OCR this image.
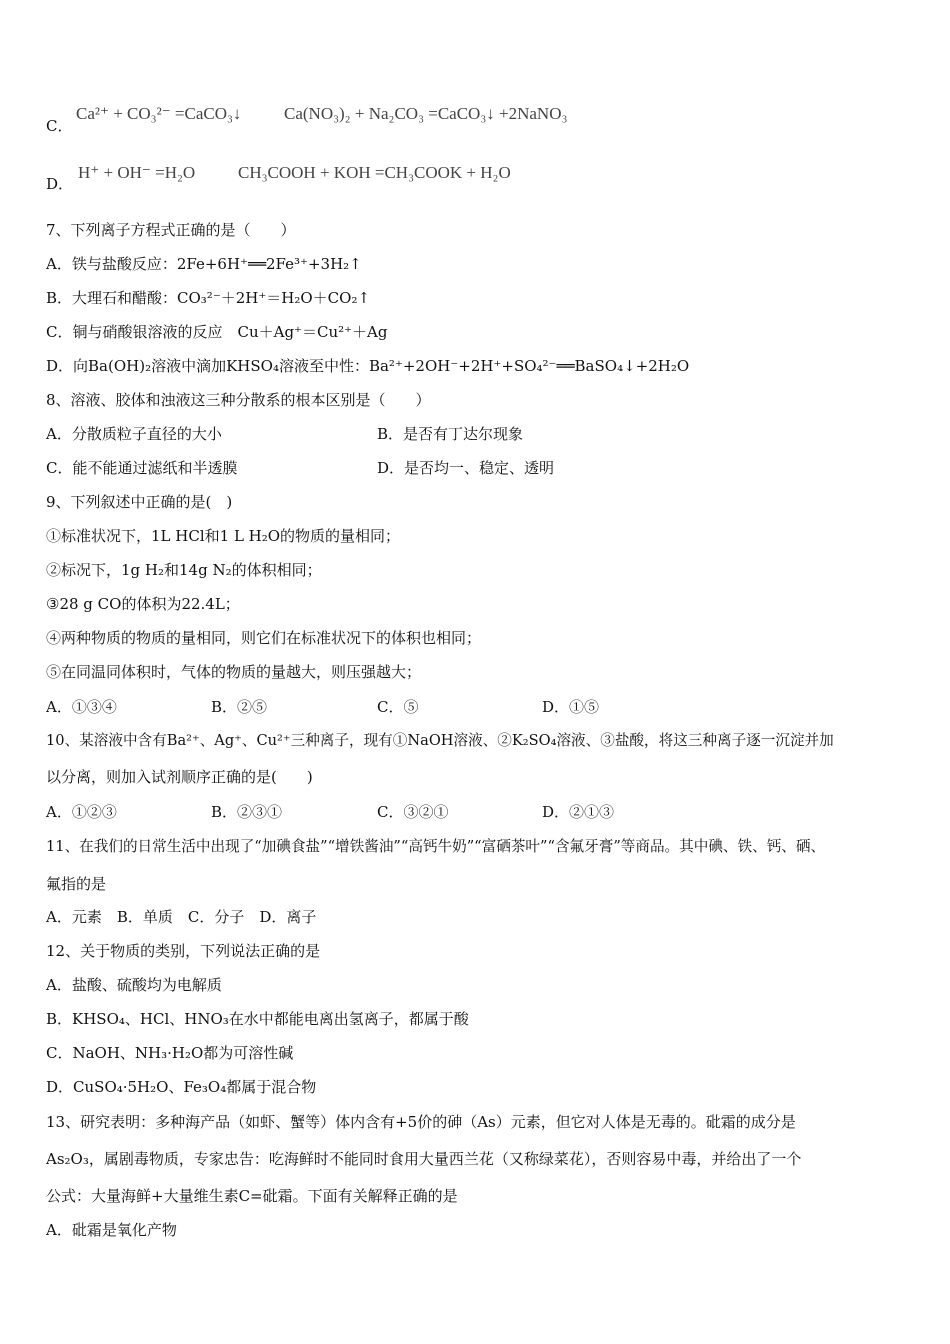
C．
Ca²⁺ + CO₃²⁻ =CaCO₃↓	Ca(NO₃)₂ + Na₂CO₃ =CaCO₃↓ +2NaNO₃
D．
H⁺ + OH⁻ =H₂O	CH₃COOH + KOH =CH₃COOK + H₂O
7、下列离子方程式正确的是（　　）
A．铁与盐酸反应：2Fe+6H⁺══2Fe³⁺+3H₂↑
B．大理石和醋酸：CO₃²⁻＋2H⁺＝H₂O＋CO₂↑
C．铜与硝酸银溶液的反应　Cu＋Ag⁺＝Cu²⁺＋Ag
D．向Ba(OH)₂溶液中滴加KHSO₄溶液至中性：Ba²⁺+2OH⁻+2H⁺+SO₄²⁻══BaSO₄↓+2H₂O
8、溶液、胶体和浊液这三种分散系的根本区别是（　　）
A．分散质粒子直径的大小	B．是否有丁达尔现象
C．能不能通过滤纸和半透膜	D．是否均一、稳定、透明
9、下列叙述中正确的是(　)
①标准状况下，1L HCl和1 L H₂O的物质的量相同；
②标况下，1g H₂和14g N₂的体积相同；
③28 g CO的体积为22.4L；
④两种物质的物质的量相同，则它们在标准状况下的体积也相同；
⑤在同温同体积时，气体的物质的量越大，则压强越大；
A．①③④	B．②⑤	C．⑤	D．①⑤
10、某溶液中含有Ba²⁺、Ag⁺、Cu²⁺三种离子，现有①NaOH溶液、②K₂SO₄溶液、③盐酸，将这三种离子逐一沉淀并加
以分离，则加入试剂顺序正确的是(　　)
A．①②③	B．②③①	C．③②①	D．②①③
11、在我们的日常生活中出现了“加碘食盐”“增铁酱油”“高钙牛奶”“富硒茶叶”“含氟牙膏”等商品。其中碘、铁、钙、硒、
氟指的是
A．元素　B．单质　C．分子　D．离子
12、关于物质的类别，下列说法正确的是
A．盐酸、硫酸均为电解质
B．KHSO₄、HCl、HNO₃在水中都能电离出氢离子，都属于酸
C．NaOH、NH₃·H₂O都为可溶性碱
D．CuSO₄·5H₂O、Fe₃O₄都属于混合物
13、研究表明：多种海产品（如虾、蟹等）体内含有+5价的砷（As）元素，但它对人体是无毒的。砒霜的成分是
As₂O₃，属剧毒物质，专家忠告：吃海鲜时不能同时食用大量西兰花（又称绿菜花），否则容易中毒，并给出了一个
公式：大量海鲜+大量维生素C=砒霜。下面有关解释正确的是
A．砒霜是氧化产物
